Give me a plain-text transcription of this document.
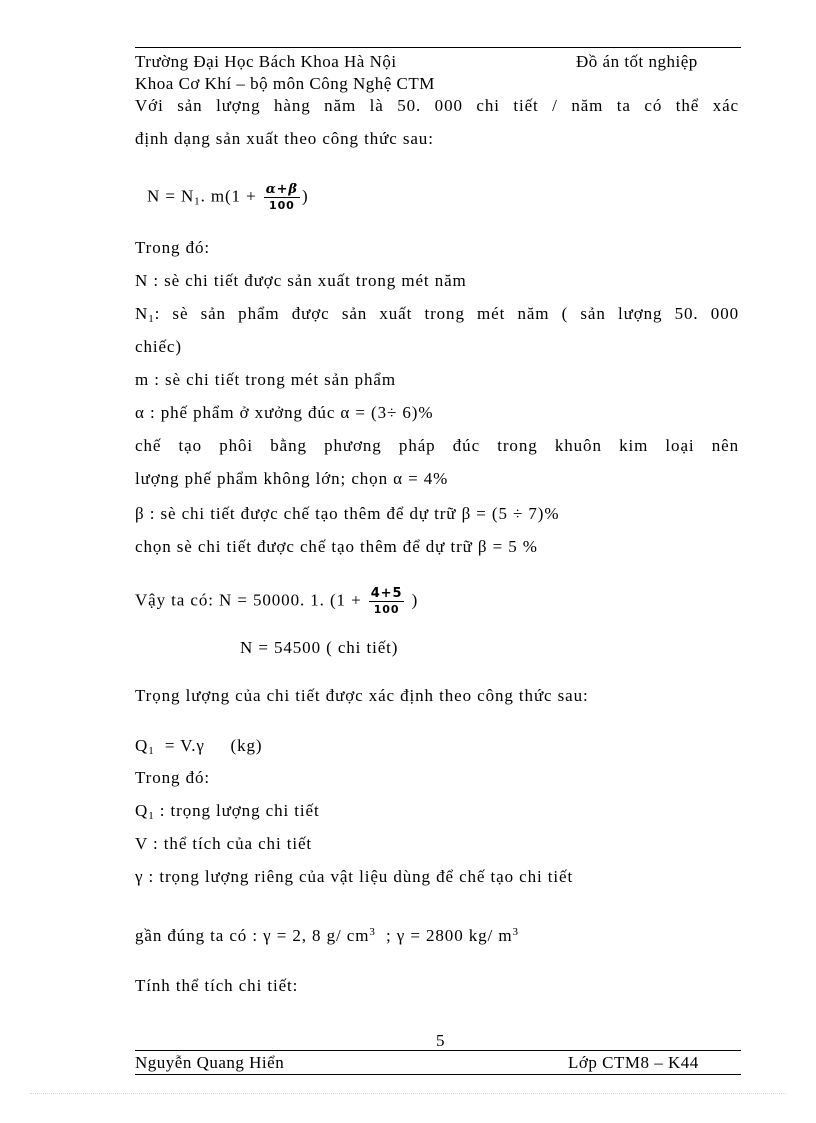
Trường Đại Học Bách Khoa Hà Nội	Đồ án tốt nghiệp
Khoa Cơ Khí – bộ môn Công Nghệ CTM
Với sản lượng hàng năm là 50. 000 chi tiết / năm ta có thể xác
định dạng sản xuất theo công thức sau:
$N = N_1$. $m(1 + \frac{\alpha+\beta}{100}$ )
Trong đó:
N : sè chi tiết được sản xuất trong mét năm
$N_1$: sè sản phẩm được sản xuất trong mét năm ( sản lượng 50. 000
chiếc)
m : sè chi tiết trong mét sản phẩm
α : phế phẩm ở xưởng đúc α = (3÷ 6)%
chế tạo phôi bằng phương pháp đúc trong khuôn kim loại nên
lượng phế phẩm không lớn; chọn α = 4%
β : sè chi tiết được chế tạo thêm để dự trữ β = (5 ÷ 7)%
chọn sè chi tiết được chế tạo thêm để dự trữ β = 5 %
Vậy ta có: N = 50000. 1. ($1 + \frac{4+5}{100}$ )
N = 54500 ( chi tiết)
Trọng lượng của chi tiết được xác định theo công thức sau:
$Q_1 = V.\gamma$     (kg)
Trong đó:
$Q_1$ : trọng lượng chi tiết
V : thể tích của chi tiết
γ : trọng lượng riêng của vật liệu dùng để chế tạo chi tiết
gần đúng ta có : γ = 2, 8 g/ $cm^3$  ; γ = 2800 kg/ $m^3$
Tính thể tích chi tiết:
5
Nguyễn Quang Hiển	Lớp CTM8 – K44
